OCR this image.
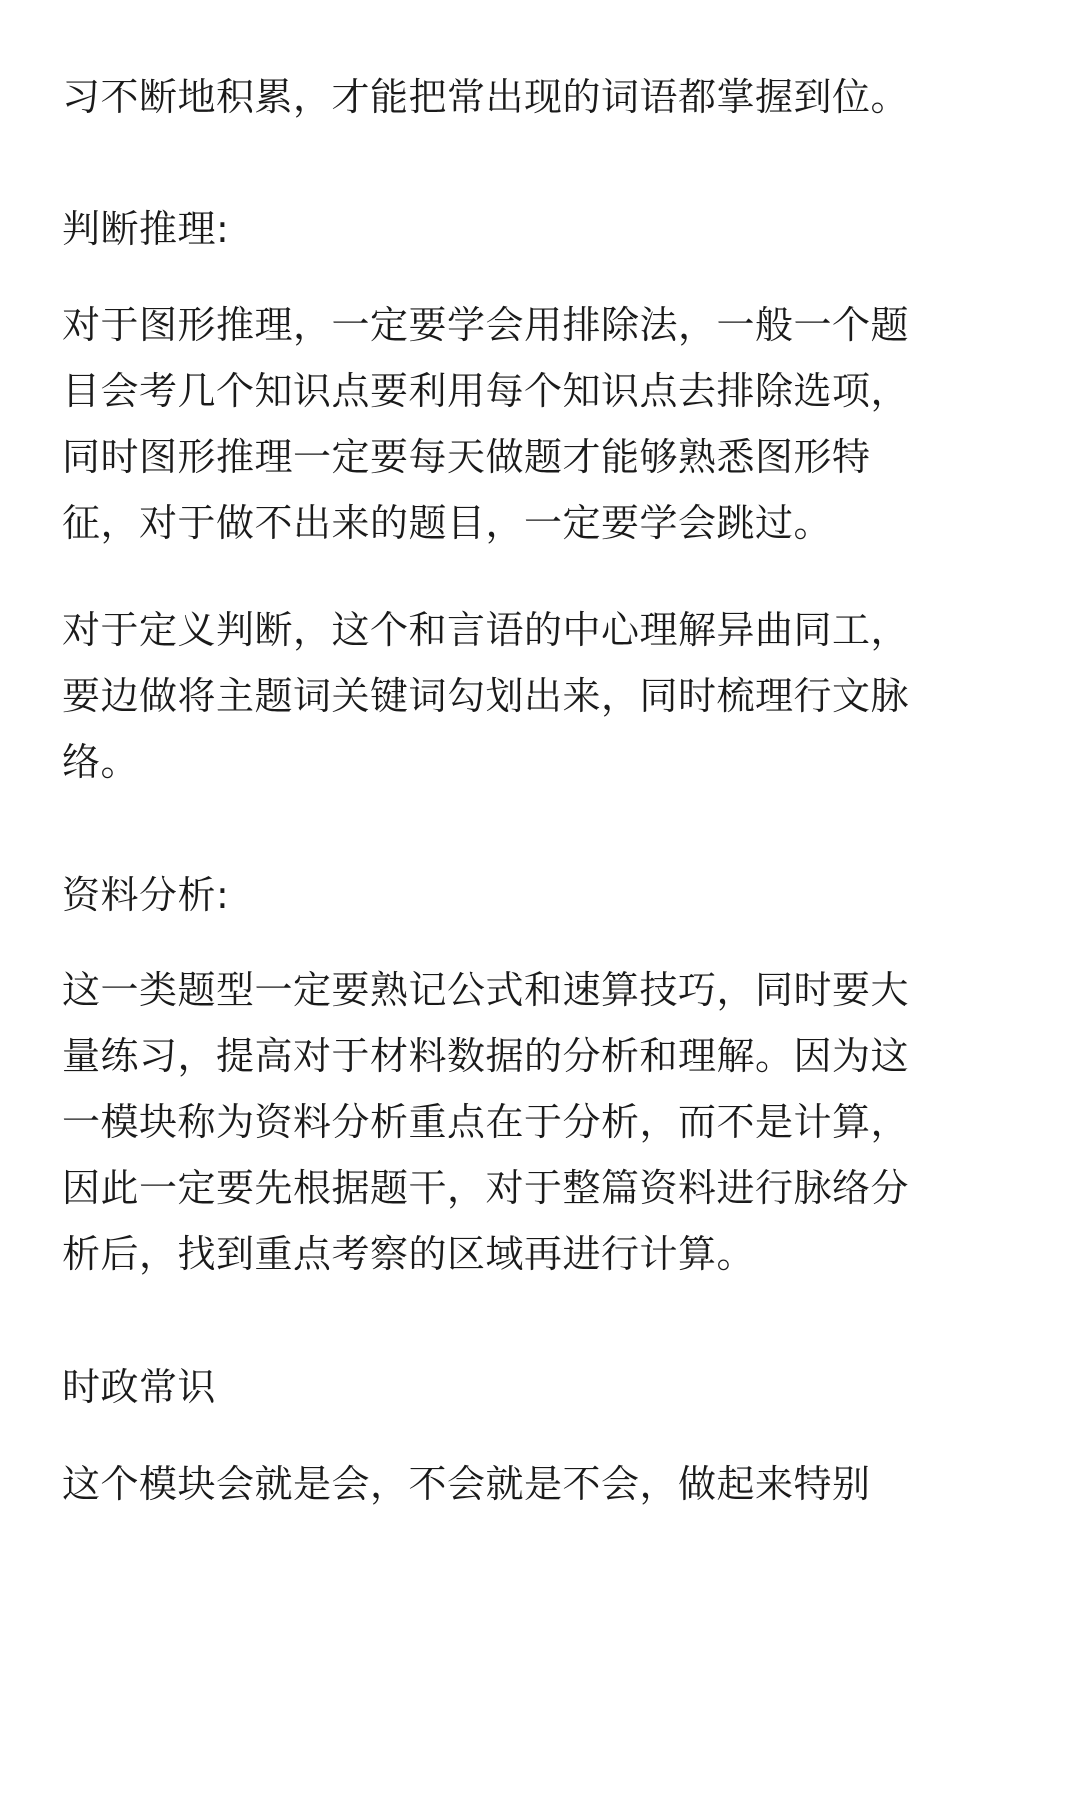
习不断地积累，才能把常出现的词语都掌握到位。
判断推理:
对于图形推理，一定要学会用排除法，一般一个题
目会考几个知识点要利用每个知识点去排除选项，
同时图形推理一定要每天做题才能够熟悉图形特
征，对于做不出来的题目，一定要学会跳过。
对于定义判断，这个和言语的中心理解异曲同工，
要边做将主题词关键词勾划出来，同时梳理行文脉
络。
资料分析:
这一类题型一定要熟记公式和速算技巧，同时要大
量练习，提高对于材料数据的分析和理解。因为这
一模块称为资料分析重点在于分析，而不是计算，
因此一定要先根据题干，对于整篇资料进行脉络分
析后，找到重点考察的区域再进行计算。
时政常识
这个模块会就是会，不会就是不会，做起来特别
